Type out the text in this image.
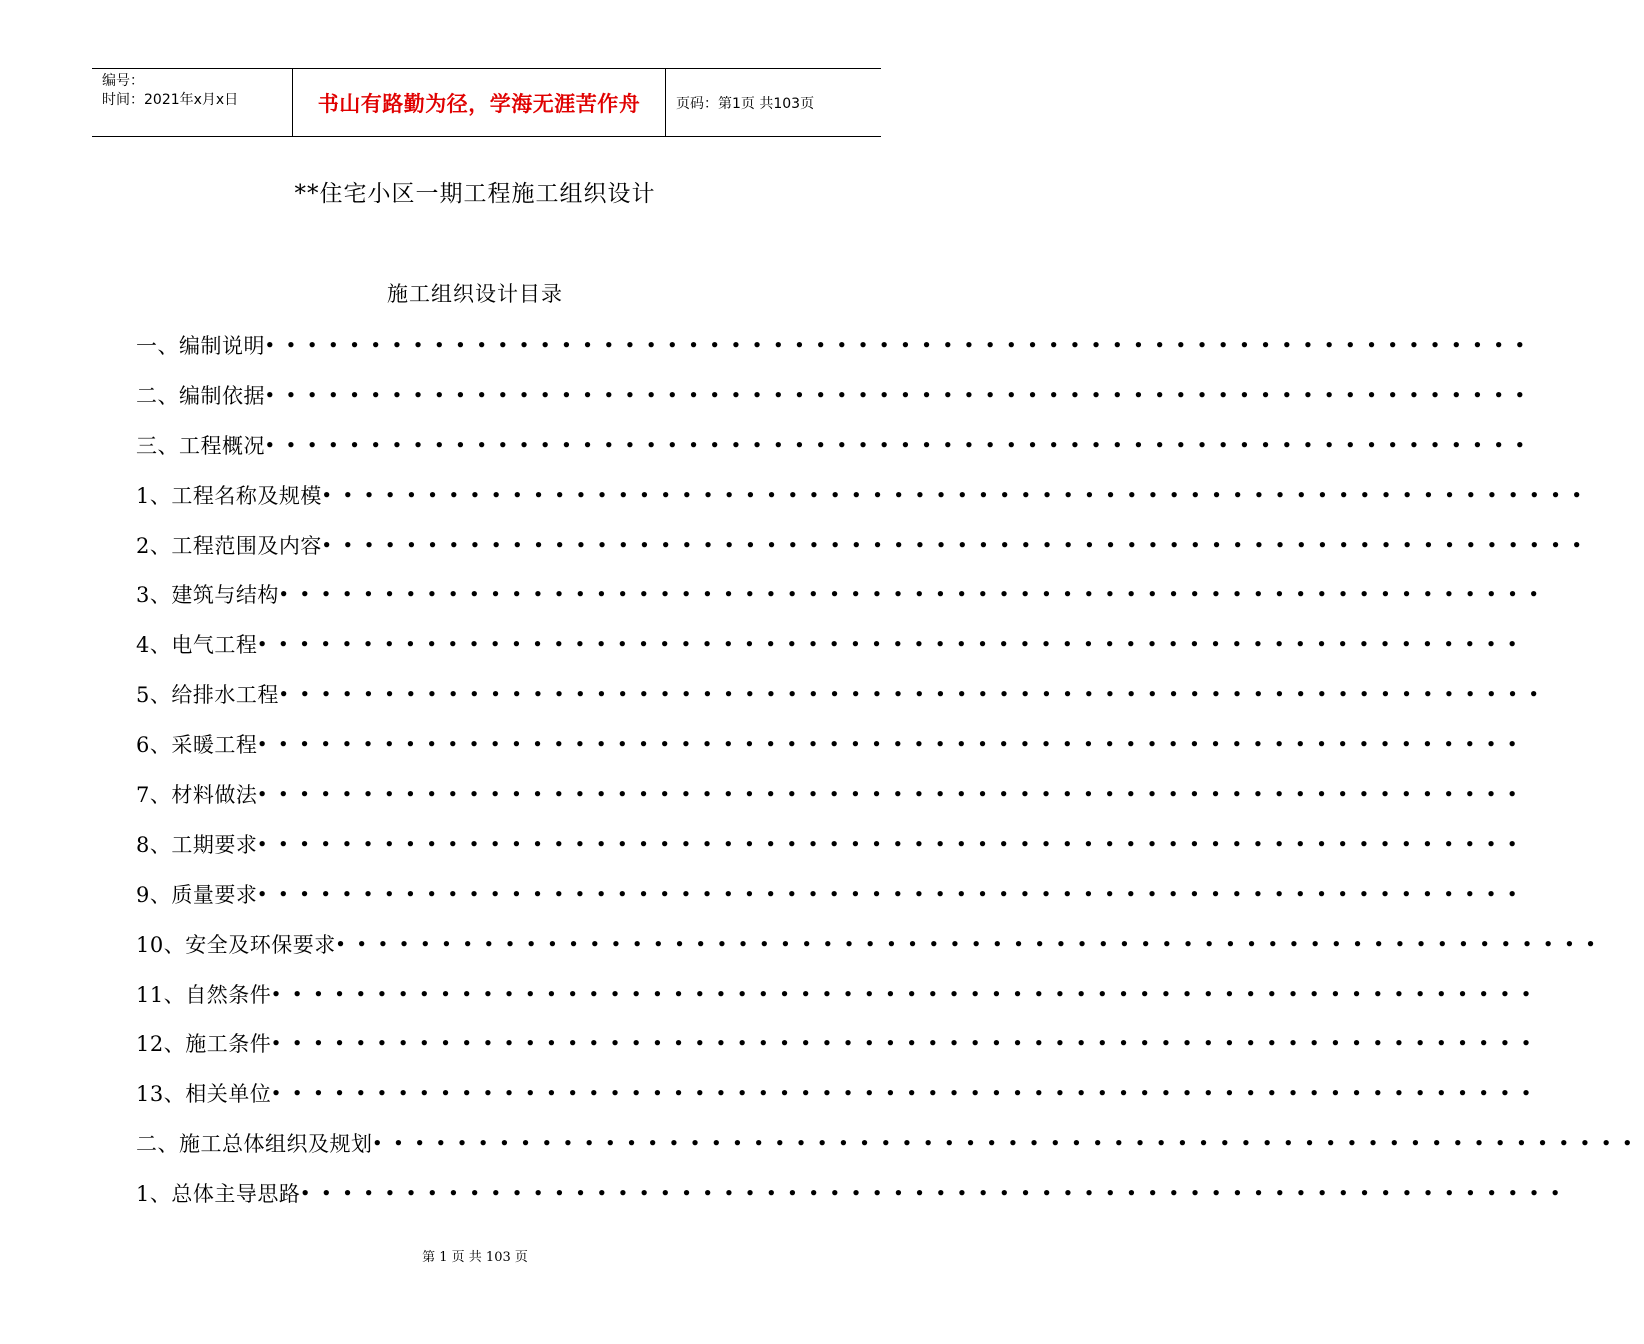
编号：
时间：2021年x月x日	书山有路勤为径，学海无涯苦作舟	页码：第1页 共103页
**住宅小区一期工程施工组织设计
施工组织设计目录
一、编制说明 ••••••••••••••••••••••••••••••••••••••••••••••••••••••••••••
二、编制依据 ••••••••••••••••••••••••••••••••••••••••••••••••••••••••••••
三、工程概况 ••••••••••••••••••••••••••••••••••••••••••••••••••••••••••••
1、工程名称及规模 ••••••••••••••••••••••••••••••••••••••••••••••••••••••••••••
2、工程范围及内容 ••••••••••••••••••••••••••••••••••••••••••••••••••••••••••••
3、建筑与结构 ••••••••••••••••••••••••••••••••••••••••••••••••••••••••••••
4、电气工程 ••••••••••••••••••••••••••••••••••••••••••••••••••••••••••••
5、给排水工程 ••••••••••••••••••••••••••••••••••••••••••••••••••••••••••••
6、采暖工程 ••••••••••••••••••••••••••••••••••••••••••••••••••••••••••••
7、材料做法 ••••••••••••••••••••••••••••••••••••••••••••••••••••••••••••
8、工期要求 ••••••••••••••••••••••••••••••••••••••••••••••••••••••••••••
9、质量要求 ••••••••••••••••••••••••••••••••••••••••••••••••••••••••••••
10、安全及环保要求 ••••••••••••••••••••••••••••••••••••••••••••••••••••••••••••
11、自然条件 ••••••••••••••••••••••••••••••••••••••••••••••••••••••••••••
12、施工条件 ••••••••••••••••••••••••••••••••••••••••••••••••••••••••••••
13、相关单位 ••••••••••••••••••••••••••••••••••••••••••••••••••••••••••••
二、施工总体组织及规划 ••••••••••••••••••••••••••••••••••••••••••••••••••••••••••••
1、总体主导思路 ••••••••••••••••••••••••••••••••••••••••••••••••••••••••••••
第 1 页 共 103 页
